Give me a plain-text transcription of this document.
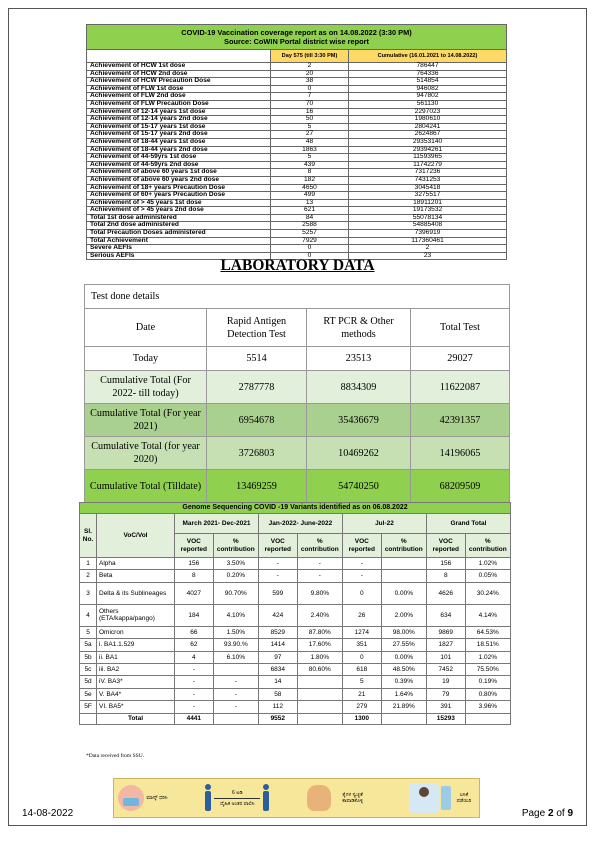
COVID-19 Vaccination coverage report as on 14.08.2022 (3:30 PM)
Source: CoWIN Portal district wise report		
	Day 575 (till 3:30 PM)	Cumulative (16.01.2021 to 14.08.2022)
Achievement of HCW 1st dose	2	786447
Achievement of HCW 2nd dose	20	764336
Achievement of HCW Precaution Dose	38	514854
Achievement of FLW 1st dose	0	946082
Achievement of FLW 2nd dose	7	947802
Achievement of FLW Precaution Dose	70	561130
Achievement of 12-14 years 1st dose	16	2297023
Achievement of 12-14 years 2nd dose	50	1980610
Achievement of 15-17 years 1st dose	5	2804241
Achievement of 15-17 years 2nd dose	27	2624867
Achievement of 18-44 years 1st dose	48	29353140
Achievement of 18-44 years 2nd dose	1863	29394261
Achievement of 44-59yrs 1st dose	5	11593965
Achievement of 44-59yrs 2nd dose	439	11742279
Achievement of above 60 years 1st dose	8	7317236
Achievement of above 60 years 2nd dose	182	7431253
Achievement of 18+ years Precaution Dose	4650	3045418
Achievement of 60+ years Precaution Dose	499	3275517
Achievement of > 45 years 1st dose	13	18911201
Achievement of > 45 years 2nd dose	621	19173532
Total 1st dose administered	84	55078134
Total 2nd dose administered	2588	54885408
Total Precaution Doses administered	5257	7396919
Total Achievement	7929	117360461
Severe AEFIs	0	2
Serious AEFIs	0	23
LABORATORY DATA
Test done details			
Date	Rapid Antigen Detection Test	RT PCR & Other methods	Total Test
Today	5514	23513	29027
Cumulative Total (For 2022- till today)	2787778	8834309	11622087
Cumulative Total (For year 2021)	6954678	35436679	42391357
Cumulative Total (for year 2020)	3726803	10469262	14196065
Cumulative Total (Tilldate)	13469259	54740250	68209509

Genome Sequencing COVID -19 Variants identified as on 06.08.2022									
Sl. No.	VoC/VoI	March 2021- Dec-2021		Jan-2022- June-2022		Jul-22		Grand Total	
		VOC reported	% contribution	VOC reported	% contribution	VOC reported	% contribution	VOC reported	% contribution
1	Alpha	156	3.50%	-	-	-		156	1.02%
2	Beta	8	0.20%	-	-	-		8	0.05%
3	Delta & its Sublineages	4027	90.70%	599	9.80%	0	0.00%	4626	30.24%
4	Others (ETA/kappa/pango)	184	4.10%	424	2.40%	26	2.00%	634	4.14%
5	Omicron	66	1.50%	8529	87.80%	1274	98.00%	9869	64.53%
5a	i. BA1.1.529	62	93.90.%	1414	17.60%	351	27.55%	1827	18.51%
5b	ii. BA1	4	6.10%	97	1.80%	0	0.00%	101	1.02%
5c	iii. BA2	-		6834	80.60%	618	48.50%	7452	75.50%
5d	iV. BA3*	-	-	14		5	0.39%	19	0.19%
5e	V. BA4*	-	-	58		21	1.64%	79	0.80%
5F	VI. BA5*	-	-	112		279	21.89%	391	3.96%
	Total	4441		9552		1300		15293	
*Data received from SSU.
ಮಾಸ್ಕ್ ಧರಿಸಿ
6 ಅಡಿ
ದೈಹಿಕ ಅಂತರ ಪಾಲಿಸಿ
ಕೈಗಳ ಸ್ವಚ್ಛತೆ ಕಾಪಾಡಿಕೊಳ್ಳಿ
ಲಸಿಕೆ ಪಡೆಯಿರಿ
14-08-2022	Page 2 of 9
